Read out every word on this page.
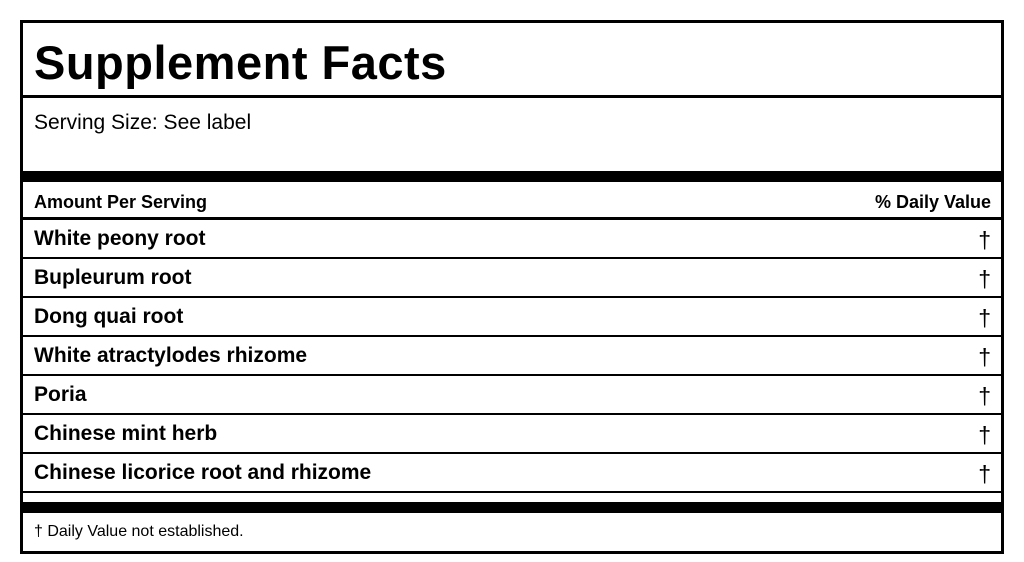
Supplement Facts
Serving Size: See label
Amount Per Serving	% Daily Value
White peony root	†
Bupleurum root	†
Dong quai root	†
White atractylodes rhizome	†
Poria	†
Chinese mint herb	†
Chinese licorice root and rhizome	†
† Daily Value not established.
